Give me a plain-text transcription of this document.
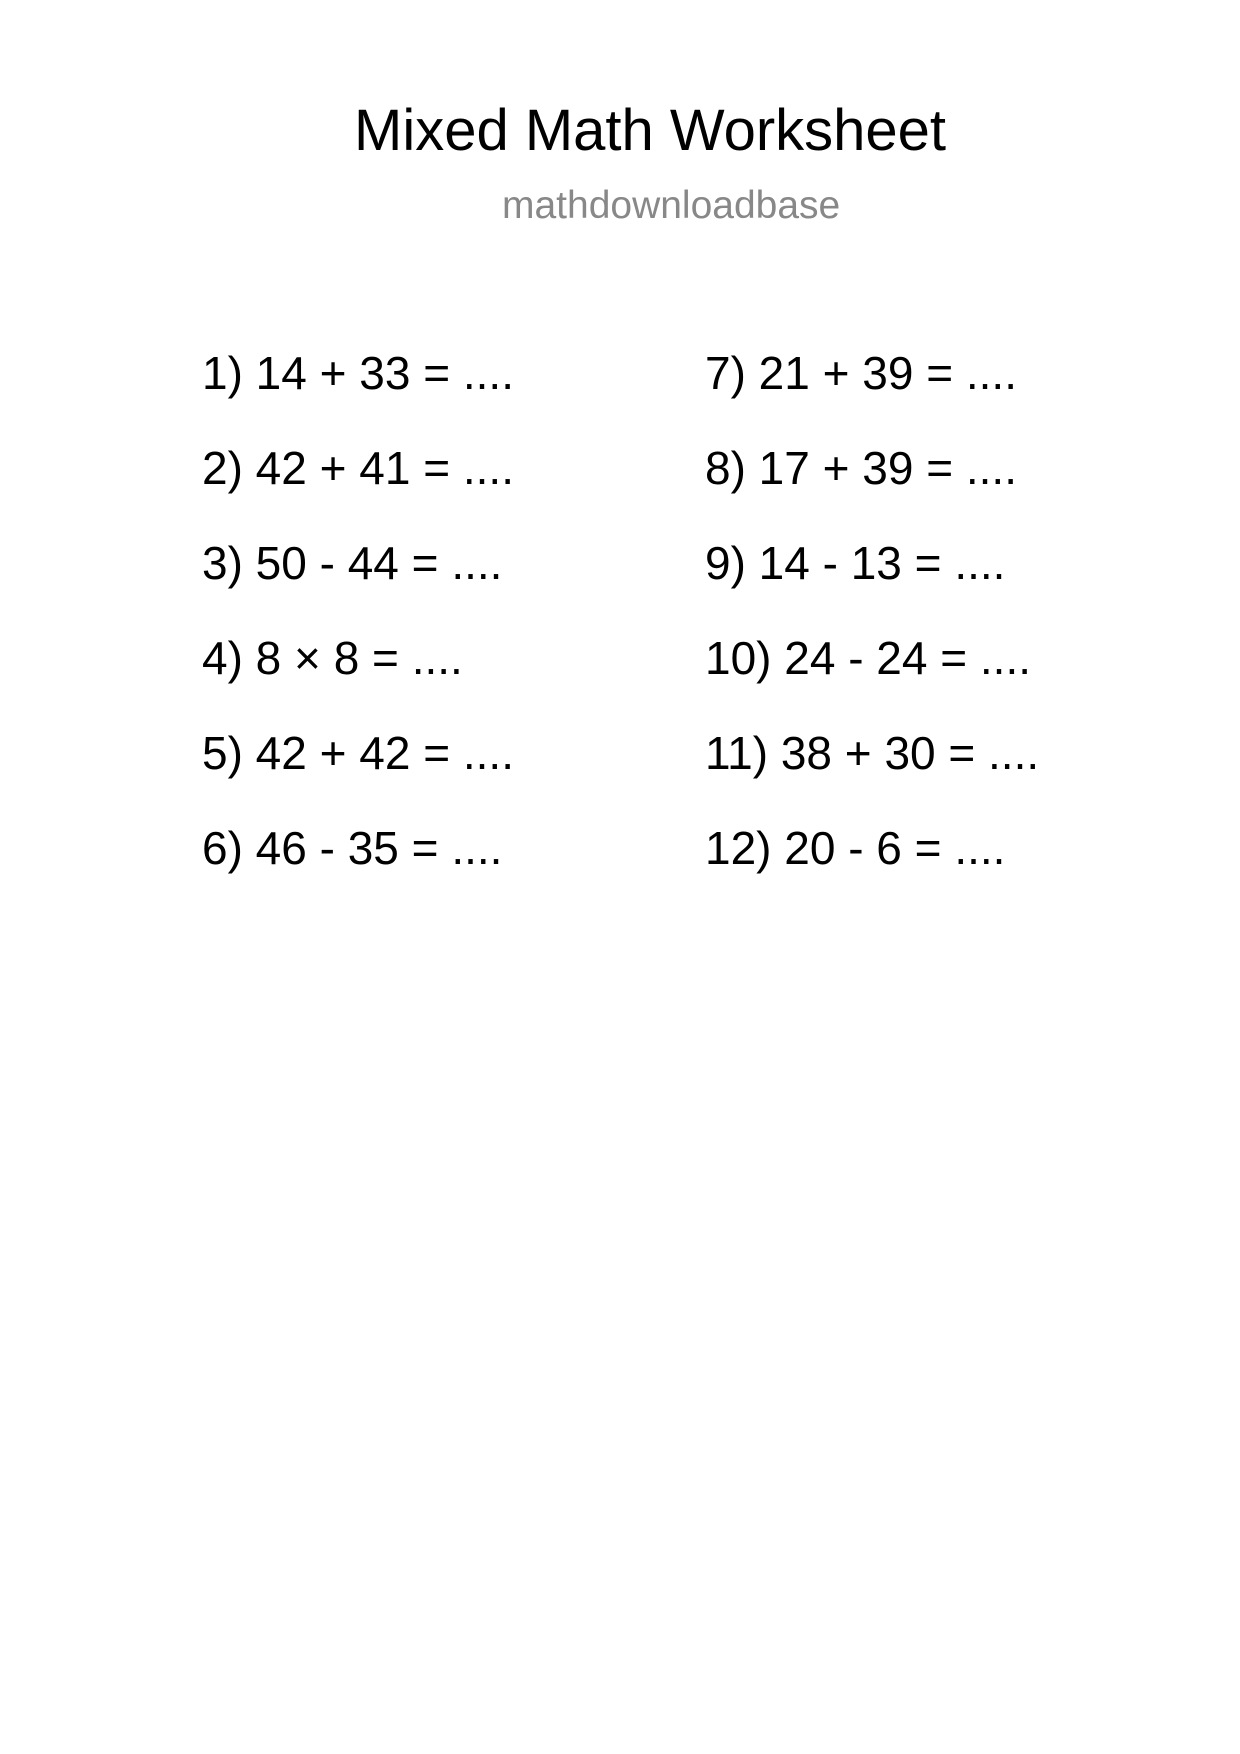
Mixed Math Worksheet
mathdownloadbase
1) 14 + 33 = ....
2) 42 + 41 = ....
3) 50 - 44 = ....
4) 8 × 8 = ....
5) 42 + 42 = ....
6) 46 - 35 = ....
7) 21 + 39 = ....
8) 17 + 39 = ....
9) 14 - 13 = ....
10) 24 - 24 = ....
11) 38 + 30 = ....
12) 20 - 6 = ....
